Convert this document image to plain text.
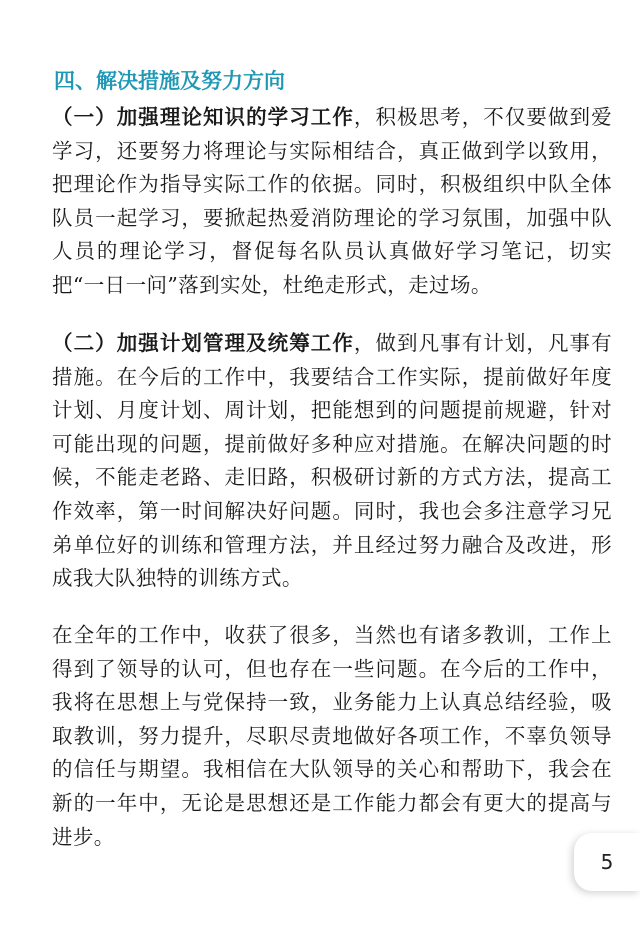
四、解决措施及努力方向
（一）加强理论知识的学习工作，积极思考，不仅要做到爱学习，还要努力将理论与实际相结合，真正做到学以致用，把理论作为指导实际工作的依据。同时，积极组织中队全体队员一起学习，要掀起热爱消防理论的学习氛围，加强中队人员的理论学习，督促每名队员认真做好学习笔记，切实把“一日一问”落到实处，杜绝走形式，走过场。
（二）加强计划管理及统筹工作，做到凡事有计划，凡事有措施。在今后的工作中，我要结合工作实际，提前做好年度计划、月度计划、周计划，把能想到的问题提前规避，针对可能出现的问题，提前做好多种应对措施。在解决问题的时候，不能走老路、走旧路，积极研讨新的方式方法，提高工作效率，第一时间解决好问题。同时，我也会多注意学习兄弟单位好的训练和管理方法，并且经过努力融合及改进，形成我大队独特的训练方式。
在全年的工作中，收获了很多，当然也有诸多教训，工作上得到了领导的认可，但也存在一些问题。在今后的工作中，我将在思想上与党保持一致，业务能力上认真总结经验，吸取教训，努力提升，尽职尽责地做好各项工作，不辜负领导的信任与期望。我相信在大队领导的关心和帮助下，我会在新的一年中，无论是思想还是工作能力都会有更大的提高与进步。
5
